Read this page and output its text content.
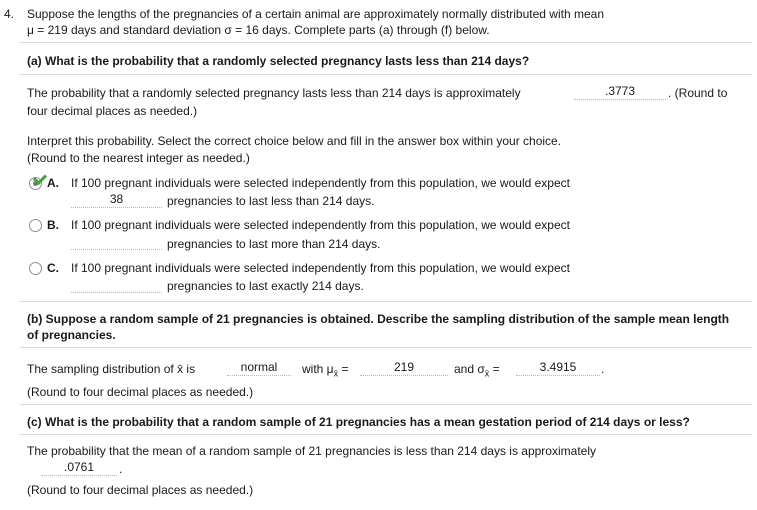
4. Suppose the lengths of the pregnancies of a certain animal are approximately normally distributed with mean
μ = 219 days and standard deviation σ = 16 days. Complete parts (a) through (f) below.
(a) What is the probability that a randomly selected pregnancy lasts less than 214 days?
The probability that a randomly selected pregnancy lasts less than 214 days is approximately	.3773	. (Round to
four decimal places as needed.)
Interpret this probability. Select the correct choice below and fill in the answer box within your choice.
(Round to the nearest integer as needed.)
A. If 100 pregnant individuals were selected independently from this population, we would expect
38	pregnancies to last less than 214 days.
B. If 100 pregnant individuals were selected independently from this population, we would expect
pregnancies to last more than 214 days.
C. If 100 pregnant individuals were selected independently from this population, we would expect
pregnancies to last exactly 214 days.
(b) Suppose a random sample of 21 pregnancies is obtained. Describe the sampling distribution of the sample mean length
of pregnancies.
The sampling distribution of x̄ is	normal	with $\mu_{x̄}$ =	219	and $\sigma_{x̄}$ =	3.4915	.
(Round to four decimal places as needed.)
(c) What is the probability that a random sample of 21 pregnancies has a mean gestation period of 214 days or less?
The probability that the mean of a random sample of 21 pregnancies is less than 214 days is approximately
.0761	.
(Round to four decimal places as needed.)
